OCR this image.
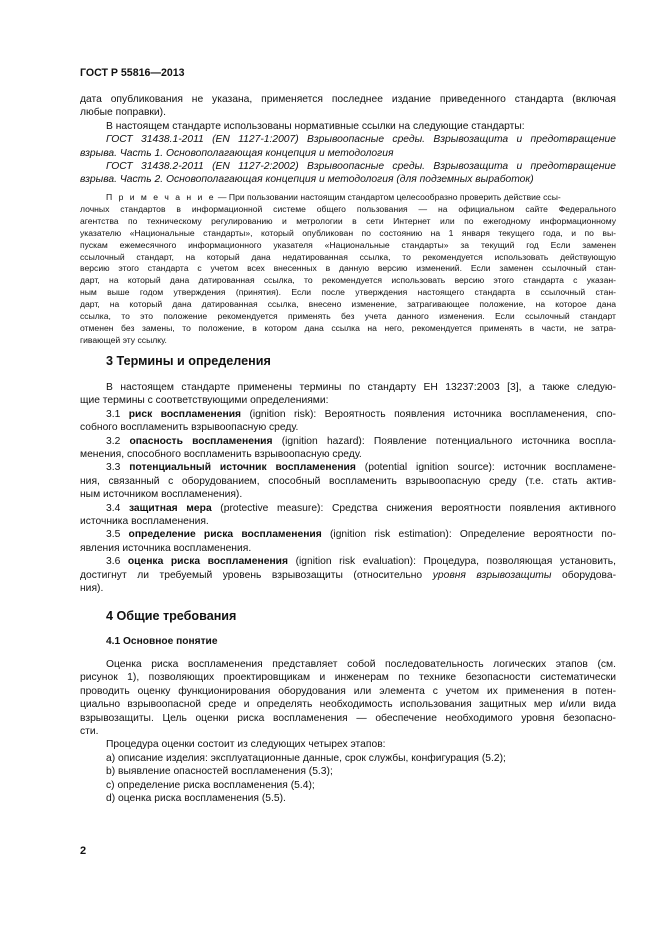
ГОСТ Р 55816—2013
дата опубликования не указана, применяется последнее издание приведенного стандарта (включая
любые поправки).
В настоящем стандарте использованы нормативные ссылки на следующие стандарты:
ГОСТ 31438.1-2011 (EN 1127-1:2007) Взрывоопасные среды. Взрывозащита и предотвращение
взрыва. Часть 1. Основополагающая концепция и методология
ГОСТ 31438.2-2011 (EN 1127-2:2002) Взрывоопасные среды. Взрывозащита и предотвращение
взрыва. Часть 2. Основополагающая концепция и методология (для подземных выработок)
П р и м е ч а н и е — При пользовании настоящим стандартом целесообразно проверить действие ссы-
лочных стандартов в информационной системе общего пользования — на официальном сайте Федерального
агентства по техническому регулированию и метрологии в сети Интернет или по ежегодному информационному
указателю «Национальные стандарты», который опубликован по состоянию на 1 января текущего года, и по вы-
пускам ежемесячного информационного указателя «Национальные стандарты» за текущий год Если заменен
ссылочный стандарт, на который дана недатированная ссылка, то рекомендуется использовать действующую
версию этого стандарта с учетом всех внесенных в данную версию изменений. Если заменен ссылочный стан-
дарт, на который дана датированная ссылка, то рекомендуется использовать версию этого стандарта с указан-
ным выше годом утверждения (принятия). Если после утверждения настоящего стандарта в ссылочный стан-
дарт, на который дана датированная ссылка, внесено изменение, затрагивающее положение, на которое дана
ссылка, то это положение рекомендуется применять без учета данного изменения. Если ссылочный стандарт
отменен без замены, то положение, в котором дана ссылка на него, рекомендуется применять в части, не затра-
гивающей эту ссылку.
3 Термины и определения
В настоящем стандарте применены термины по стандарту ЕН 13237:2003 [3], а также следую-
щие термины с соответствующими определениями:
3.1 риск воспламенения (ignition risk): Вероятность появления источника воспламенения, спо-
собного воспламенить взрывоопасную среду.
3.2 опасность воспламенения (ignition hazard): Появление потенциального источника воспла-
менения, способного воспламенить взрывоопасную среду.
3.3 потенциальный источник воспламенения (potential ignition source): источник воспламене-
ния, связанный с оборудованием, способный воспламенить взрывоопасную среду (т.е. стать актив-
ным источником воспламенения).
3.4 защитная мера (protective measure): Средства снижения вероятности появления активного
источника воспламенения.
3.5 определение риска воспламенения (ignition risk estimation): Определение вероятности по-
явления источника воспламенения.
3.6 оценка риска воспламенения (ignition risk evaluation): Процедура, позволяющая установить,
достигнут ли требуемый уровень взрывозащиты (относительно уровня взрывозащиты оборудова-
ния).
4 Общие требования
4.1 Основное понятие
Оценка риска воспламенения представляет собой последовательность логических этапов (см.
рисунок 1), позволяющих проектировщикам и инженерам по технике безопасности систематически
проводить оценку функционирования оборудования или элемента с учетом их применения в потен-
циально взрывоопасной среде и определять необходимость использования защитных мер и/или вида
взрывозащиты. Цель оценки риска воспламенения — обеспечение необходимого уровня безопасно-
сти.
Процедура оценки состоит из следующих четырех этапов:
а) описание изделия: эксплуатационные данные, срок службы, конфигурация (5.2);
b) выявление опасностей воспламенения (5.3);
c) определение риска воспламенения (5.4);
d) оценка риска воспламенения (5.5).
2
